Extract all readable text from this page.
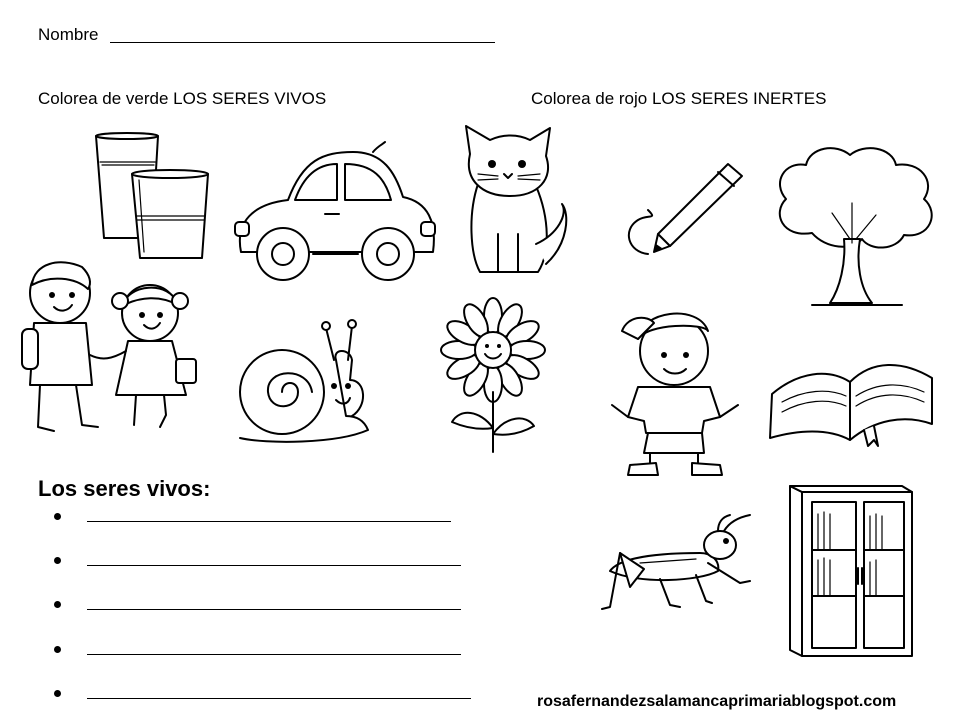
Nombre
Colorea de verde LOS SERES VIVOS	Colorea de rojo LOS SERES INERTES
Los seres vivos:
rosafernandezsalamancaprimariablogspot.com
